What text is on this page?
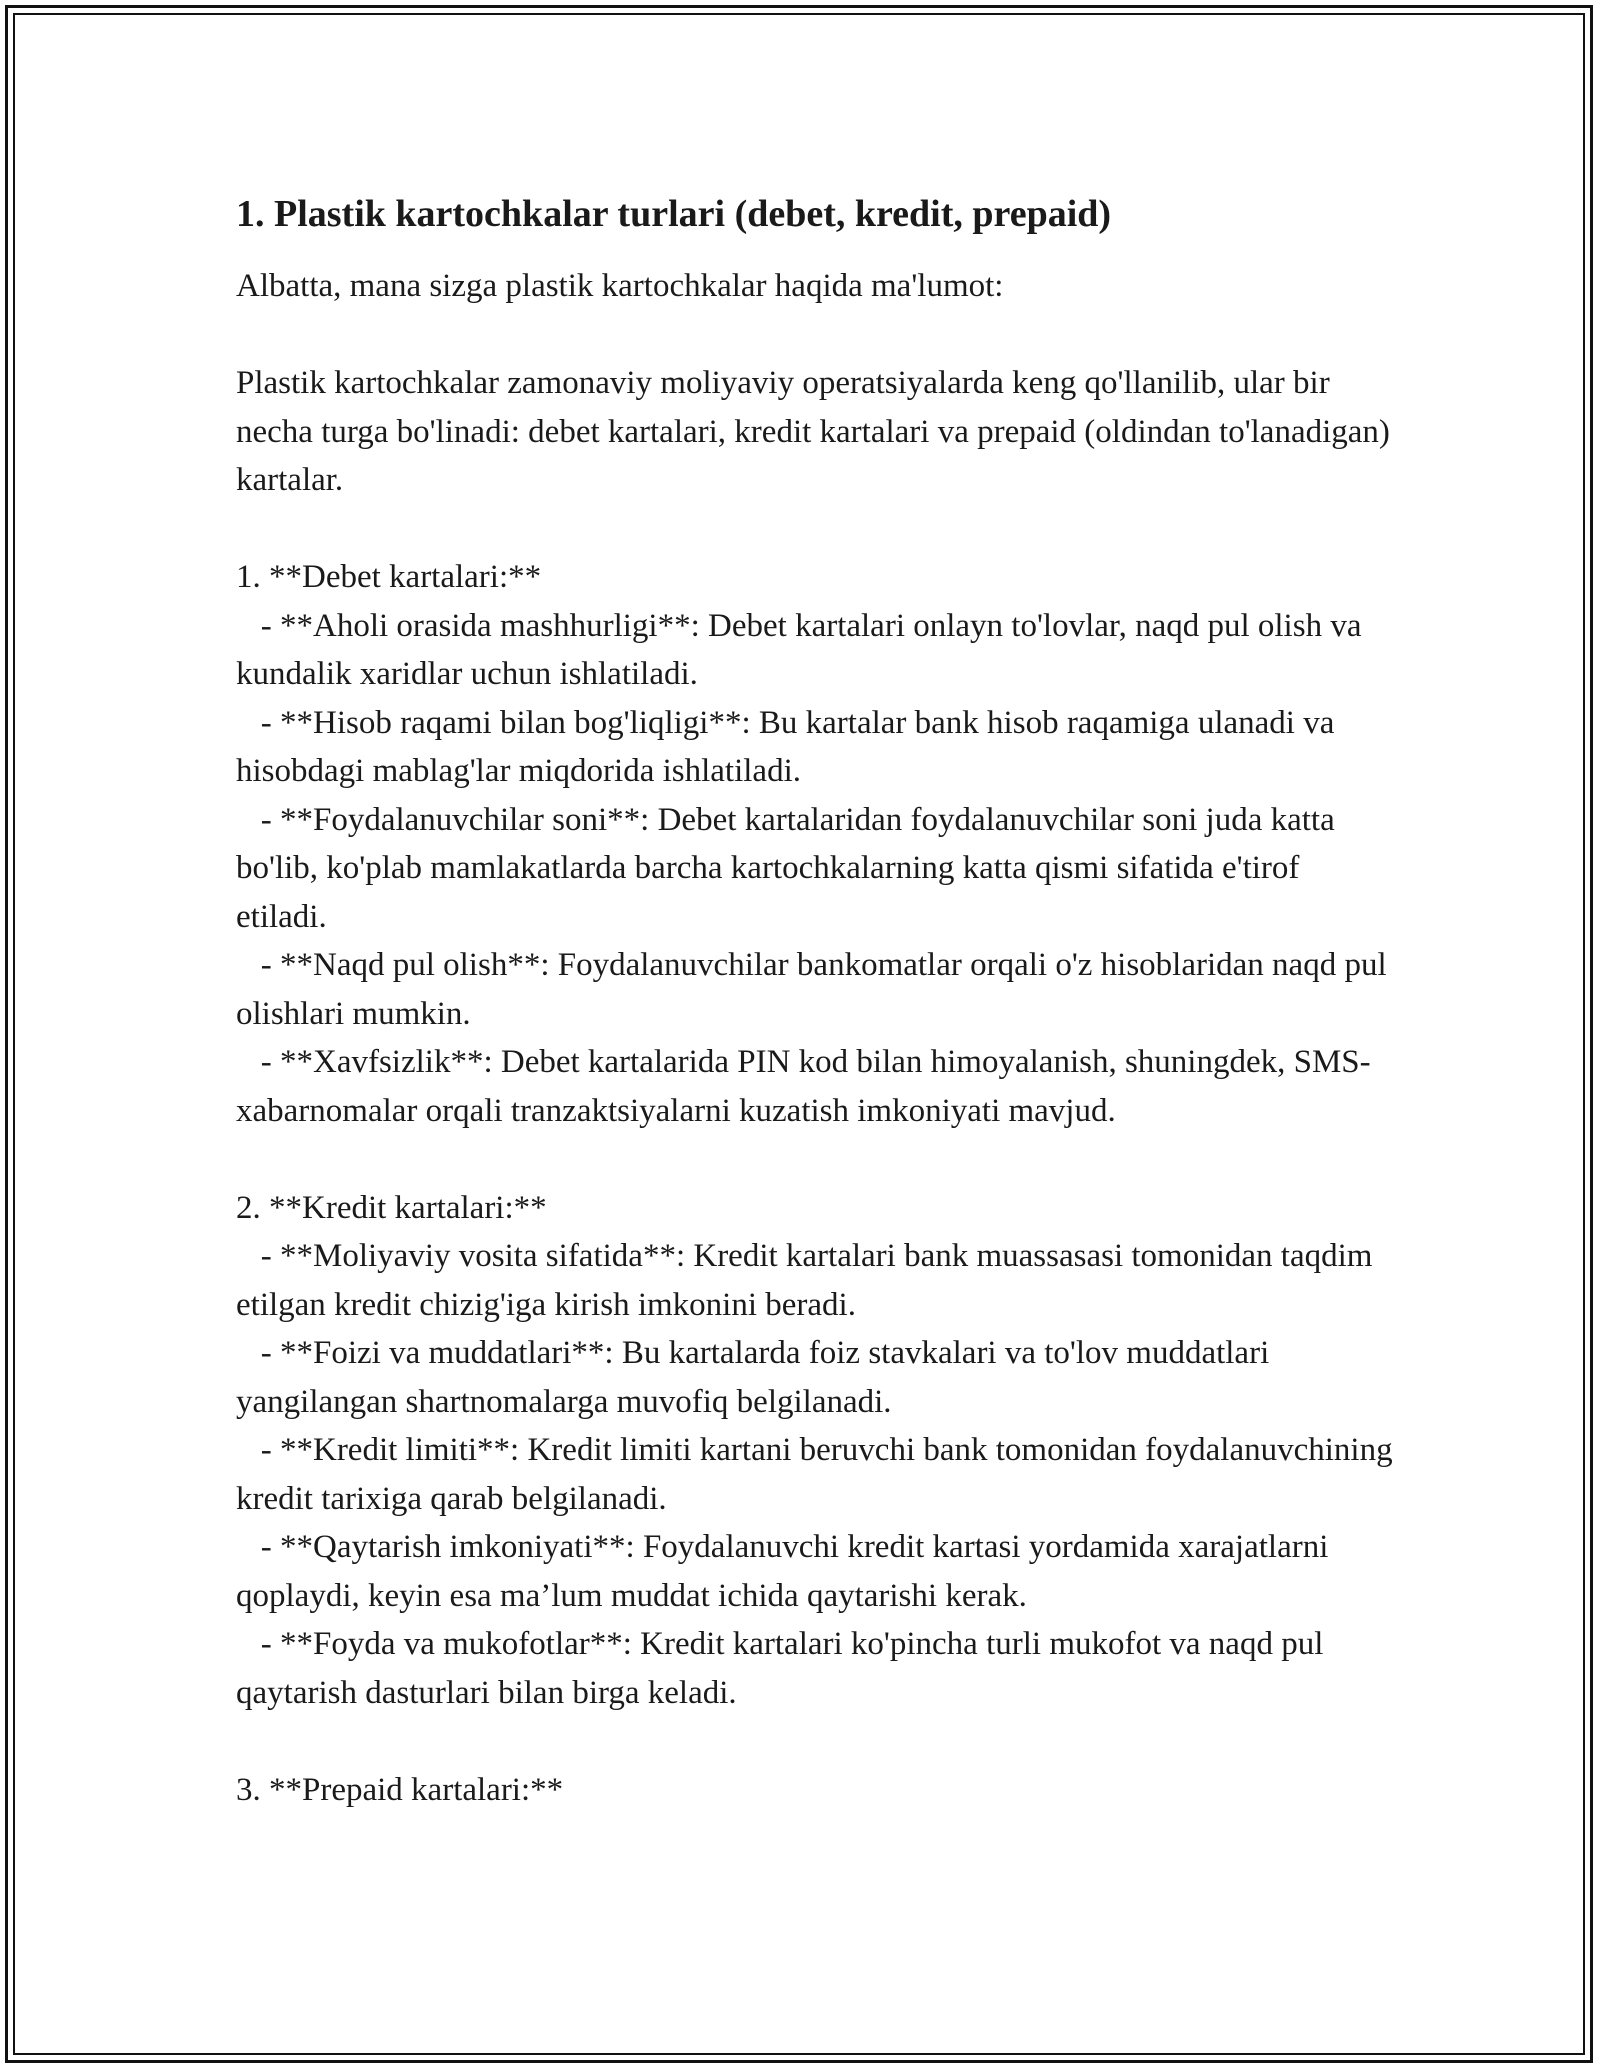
1. Plastik kartochkalar turlari (debet, kredit, prepaid)

Albatta, mana sizga plastik kartochkalar haqida ma'lumot:

Plastik kartochkalar zamonaviy moliyaviy operatsiyalarda keng qo'llanilib, ular bir necha turga bo'linadi: debet kartalari, kredit kartalari va prepaid (oldindan to'lanadigan) kartalar.

1. **Debet kartalari:**
- **Aholi orasida mashhurligi**: Debet kartalari onlayn to'lovlar, naqd pul olish va kundalik xaridlar uchun ishlatiladi.
- **Hisob raqami bilan bog'liqligi**: Bu kartalar bank hisob raqamiga ulanadi va hisobdagi mablag'lar miqdorida ishlatiladi.
- **Foydalanuvchilar soni**: Debet kartalaridan foydalanuvchilar soni juda katta bo'lib, ko'plab mamlakatlarda barcha kartochkalarning katta qismi sifatida e'tirof etiladi.
- **Naqd pul olish**: Foydalanuvchilar bankomatlar orqali o'z hisoblaridan naqd pul olishlari mumkin.
- **Xavfsizlik**: Debet kartalarida PIN kod bilan himoyalanish, shuningdek, SMS-xabarnomalar orqali tranzaktsiyalarni kuzatish imkoniyati mavjud.
2. **Kredit kartalari:**
- **Moliyaviy vosita sifatida**: Kredit kartalari bank muassasasi tomonidan taqdim etilgan kredit chizig'iga kirish imkonini beradi.
- **Foizi va muddatlari**: Bu kartalarda foiz stavkalari va to'lov muddatlari yangilangan shartnomalarga muvofiq belgilanadi.
- **Kredit limiti**: Kredit limiti kartani beruvchi bank tomonidan foydalanuvchining kredit tarixiga qarab belgilanadi.
- **Qaytarish imkoniyati**: Foydalanuvchi kredit kartasi yordamida xarajatlarni qoplaydi, keyin esa ma’lum muddat ichida qaytarishi kerak.
- **Foyda va mukofotlar**: Kredit kartalari ko'pincha turli mukofot va naqd pul qaytarish dasturlari bilan birga keladi.
3. **Prepaid kartalari:**
